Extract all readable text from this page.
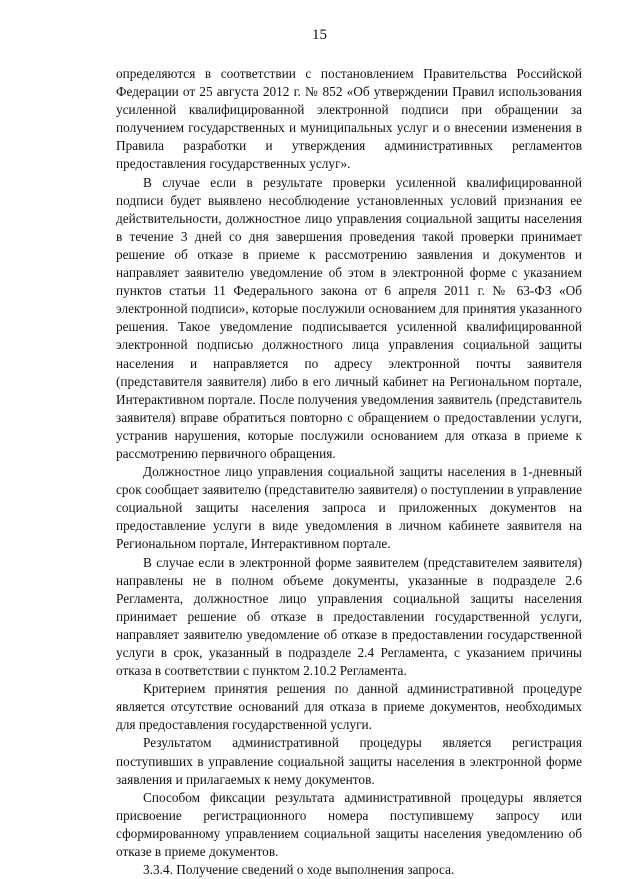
15

определяются в соответствии с постановлением Правительства Российской Федерации от 25 августа 2012 г. № 852 «Об утверждении Правил использования усиленной квалифицированной электронной подписи при обращении за получением государственных и муниципальных услуг и о внесении изменения в Правила разработки и утверждения административных регламентов предоставления государственных услуг».

В случае если в результате проверки усиленной квалифицированной подписи будет выявлено несоблюдение установленных условий признания ее действительности, должностное лицо управления социальной защиты населения в течение 3 дней со дня завершения проведения такой проверки принимает решение об отказе в приеме к рассмотрению заявления и документов и направляет заявителю уведомление об этом в электронной форме с указанием пунктов статьи 11 Федерального закона от 6 апреля 2011 г. № 63-ФЗ «Об электронной подписи», которые послужили основанием для принятия указанного решения. Такое уведомление подписывается усиленной квалифицированной электронной подписью должностного лица управления социальной защиты населения и направляется по адресу электронной почты заявителя (представителя заявителя) либо в его личный кабинет на Региональном портале, Интерактивном портале. После получения уведомления заявитель (представитель заявителя) вправе обратиться повторно с обращением о предоставлении услуги, устранив нарушения, которые послужили основанием для отказа в приеме к рассмотрению первичного обращения.

Должностное лицо управления социальной защиты населения в 1-дневный срок сообщает заявителю (представителю заявителя) о поступлении в управление социальной защиты населения запроса и приложенных документов на предоставление услуги в виде уведомления в личном кабинете заявителя на Региональном портале, Интерактивном портале.

В случае если в электронной форме заявителем (представителем заявителя) направлены не в полном объеме документы, указанные в подразделе 2.6 Регламента, должностное лицо управления социальной защиты населения принимает решение об отказе в предоставлении государственной услуги, направляет заявителю уведомление об отказе в предоставлении государственной услуги в срок, указанный в подразделе 2.4 Регламента, с указанием причины отказа в соответствии с пунктом 2.10.2 Регламента.

Критерием принятия решения по данной административной процедуре является отсутствие оснований для отказа в приеме документов, необходимых для предоставления государственной услуги.

Результатом административной процедуры является регистрация поступивших в управление социальной защиты населения в электронной форме заявления и прилагаемых к нему документов.

Способом фиксации результата административной процедуры является присвоение регистрационного номера поступившему запросу или сформированному управлением социальной защиты населения уведомлению об отказе в приеме документов.

3.3.4. Получение сведений о ходе выполнения запроса.
